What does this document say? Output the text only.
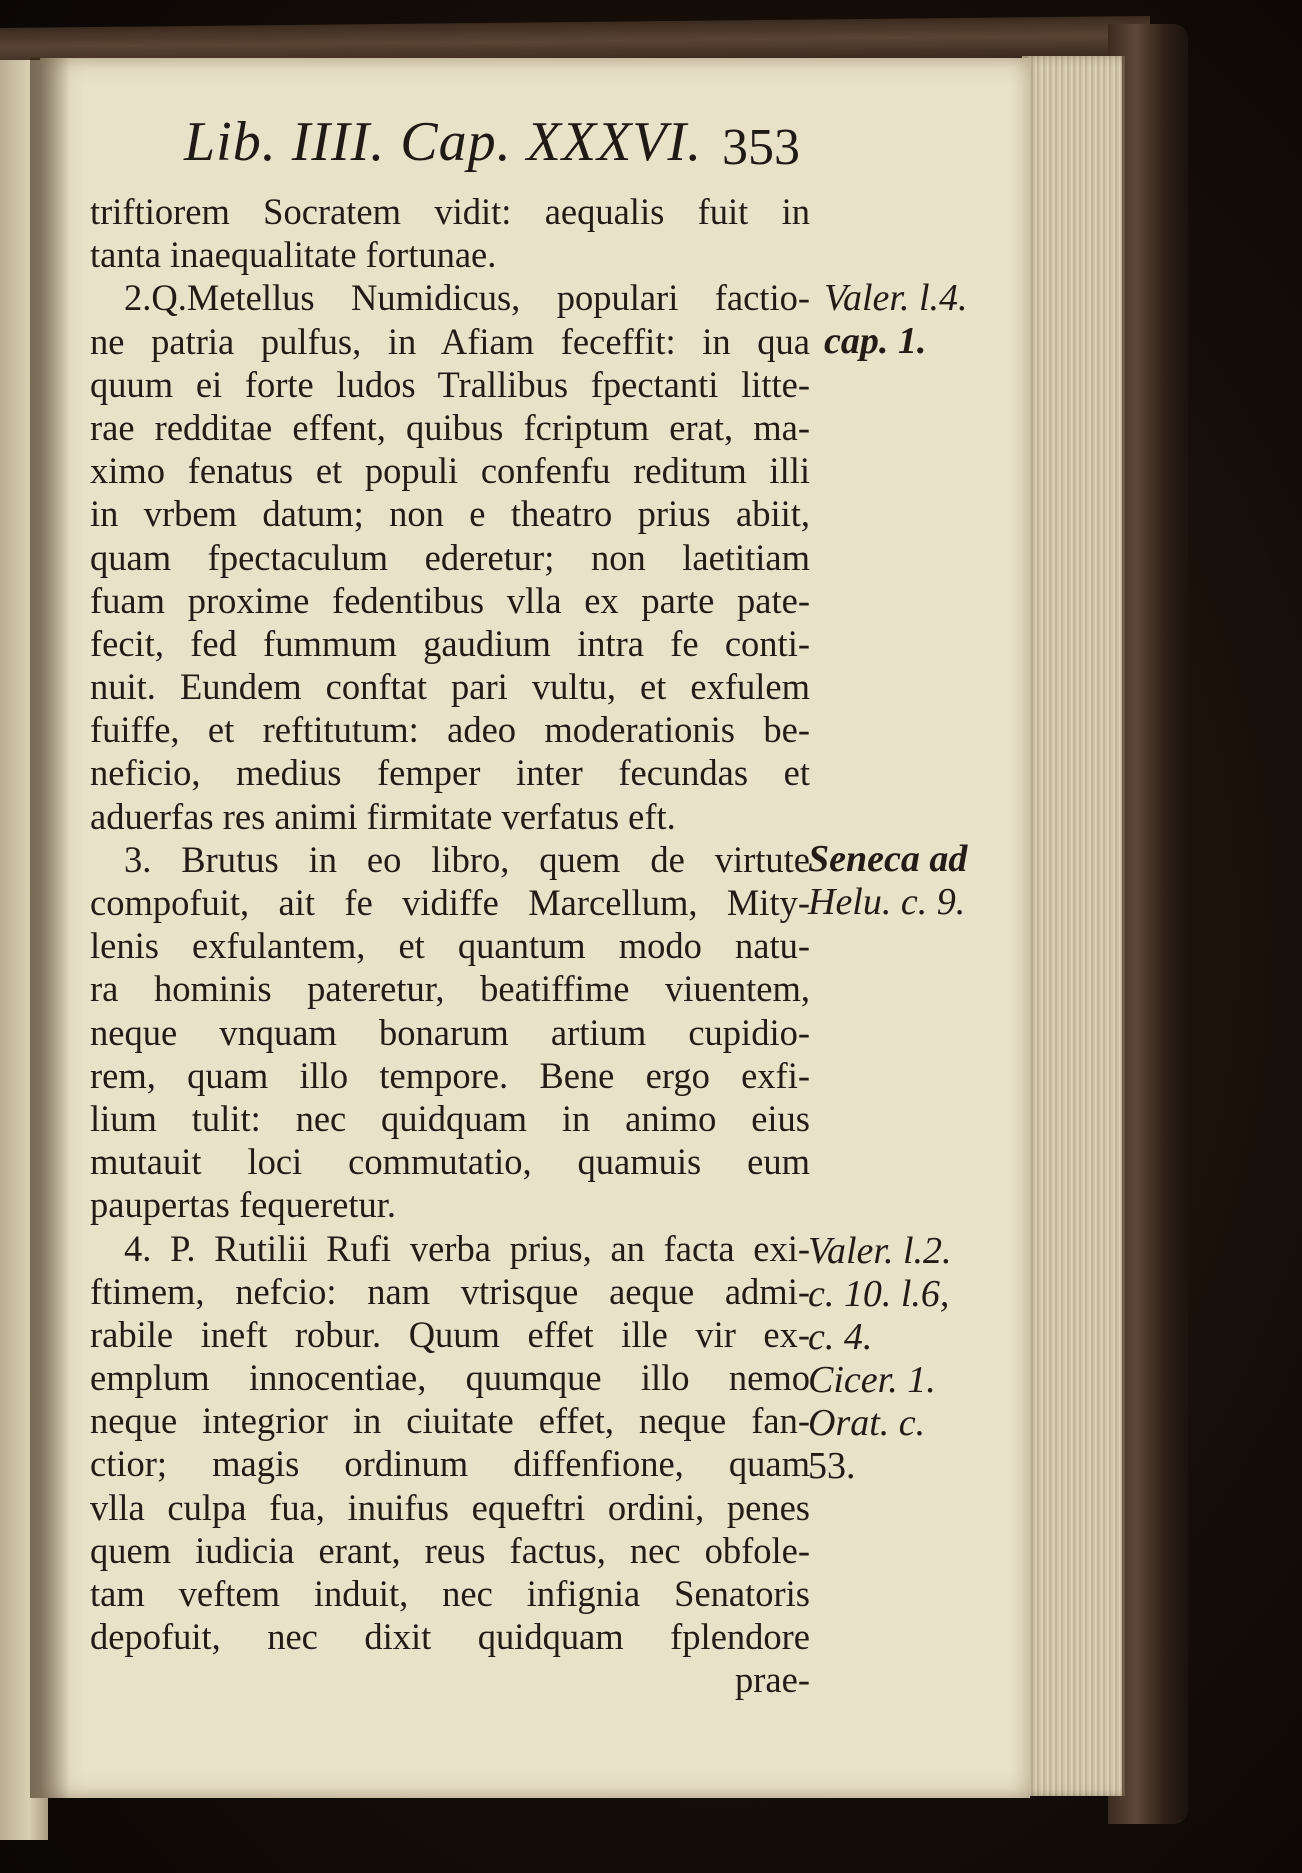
Lib. IIII. Cap. XXXVI. 353
triftiorem Socratem vidit: aequalis fuit in
tanta inaequalitate fortunae.
2.Q.Metellus Numidicus, populari factio-
ne patria pulfus, in Afiam feceffit: in qua
quum ei forte ludos Trallibus fpectanti litte-
rae redditae effent, quibus fcriptum erat, ma-
ximo fenatus et populi confenfu reditum illi
in vrbem datum; non e theatro prius abiit,
quam fpectaculum ederetur; non laetitiam
fuam proxime fedentibus vlla ex parte pate-
fecit, fed fummum gaudium intra fe conti-
nuit. Eundem conftat pari vultu, et exfulem
fuiffe, et reftitutum: adeo moderationis be-
neficio, medius femper inter fecundas et
aduerfas res animi firmitate verfatus eft.
3. Brutus in eo libro, quem de virtute
compofuit, ait fe vidiffe Marcellum, Mity-
lenis exfulantem, et quantum modo natu-
ra hominis pateretur, beatiffime viuentem,
neque vnquam bonarum artium cupidio-
rem, quam illo tempore. Bene ergo exfi-
lium tulit: nec quidquam in animo eius
mutauit loci commutatio, quamuis eum
paupertas fequeretur.
4. P. Rutilii Rufi verba prius, an facta exi-
ftimem, nefcio: nam vtrisque aeque admi-
rabile ineft robur. Quum effet ille vir ex-
emplum innocentiae, quumque illo nemo
neque integrior in ciuitate effet, neque fan-
ctior; magis ordinum diffenfione, quam
vlla culpa fua, inuifus equeftri ordini, penes
quem iudicia erant, reus factus, nec obfole-
tam veftem induit, nec infignia Senatoris
depofuit, nec dixit quidquam fplendore
prae-
Valer. l.4.
cap. 1.
Seneca ad
Helu. c. 9.
Valer. l.2.
c. 10. l.6,
c. 4.
Cicer. 1.
Orat. c.
53.
